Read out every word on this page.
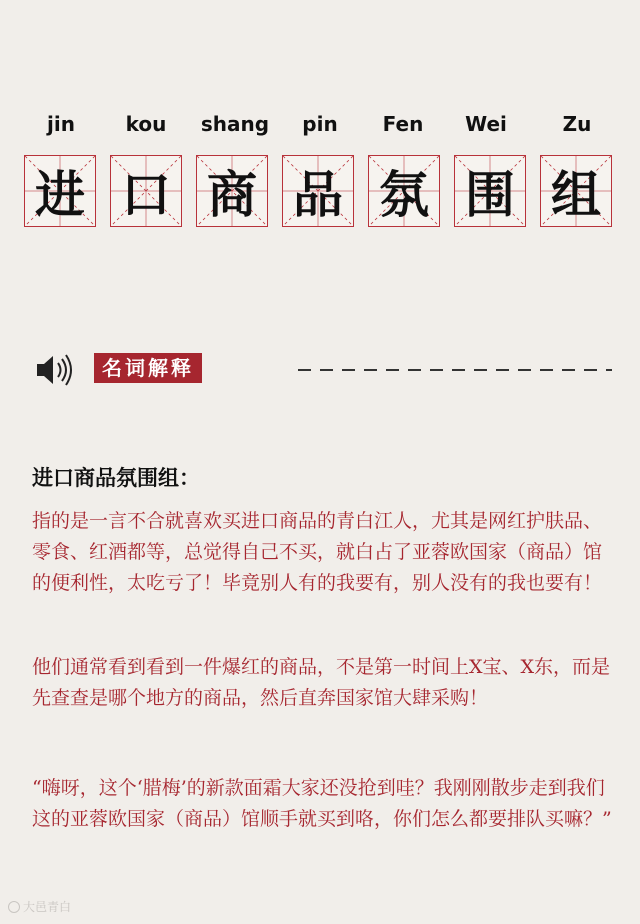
jin	kou	shang	pin	Fen	Wei	Zu
进 口 商 品 氛 围 组
名词解释
进口商品氛围组：

指的是一言不合就喜欢买进口商品的青白江人，尤其是网红护肤品、零食、红酒都等，总觉得自己不买，就白占了亚蓉欧国家（商品）馆的便利性，太吃亏了！毕竟别人有的我要有，别人没有的我也要有！

他们通常看到看到一件爆红的商品，不是第一时间上X宝、X东，而是先查查是哪个地方的商品，然后直奔国家馆大肆采购！

“嗨呀，这个‘腊梅’的新款面霜大家还没抢到哇？我刚刚散步走到我们这的亚蓉欧国家（商品）馆顺手就买到咯，你们怎么都要排队买嘛？”

大邑青白
